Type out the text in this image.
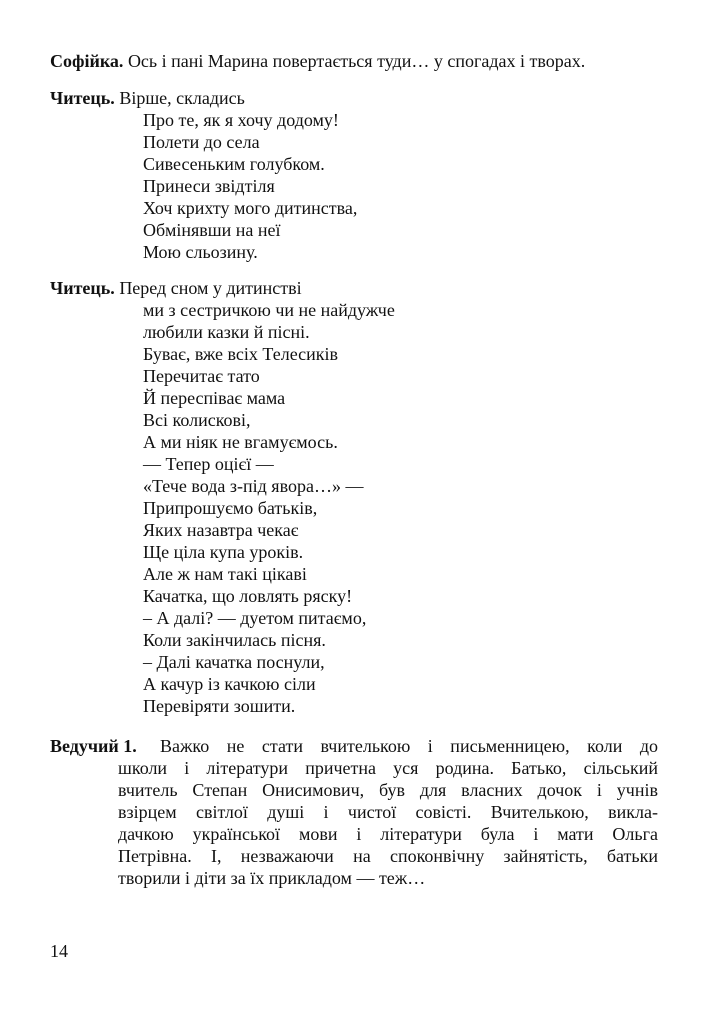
Софійка. Ось і пані Марина повертається туди… у спогадах і творах.
Читець. Вірше, складись
Про те, як я хочу додому!
Полети до села
Сивесеньким голубком.
Принеси звідтіля
Хоч крихту мого дитинства,
Обмінявши на неї
Мою сльозину.
Читець. Перед сном у дитинстві
ми з сестричкою чи не найдужче
любили казки й пісні.
Буває, вже всіх Телесиків
Перечитає тато
Й переспіває мама
Всі колискові,
А ми ніяк не вгамуємось.
— Тепер оцієї —
«Тече вода з-під явора…» —
Припрошуємо батьків,
Яких назавтра чекає
Ще ціла купа уроків.
Але ж нам такі цікаві
Качатка, що ловлять ряску!
– А далі? — дуетом питаємо,
Коли закінчилась пісня.
– Далі качатка поснули,
А качур із качкою сіли
Перевіряти зошити.
Ведучий 1. Важко не стати вчителькою і письменницею, коли до
школи і літератури причетна уся родина. Батько, сільський
вчитель Степан Онисимович, був для власних дочок і учнів
взірцем світлої душі і чистої совісті. Вчителькою, викла-
дачкою української мови і літератури була і мати Ольга
Петрівна. І, незважаючи на споконвічну зайнятість, батьки
творили і діти за їх прикладом — теж…
14
